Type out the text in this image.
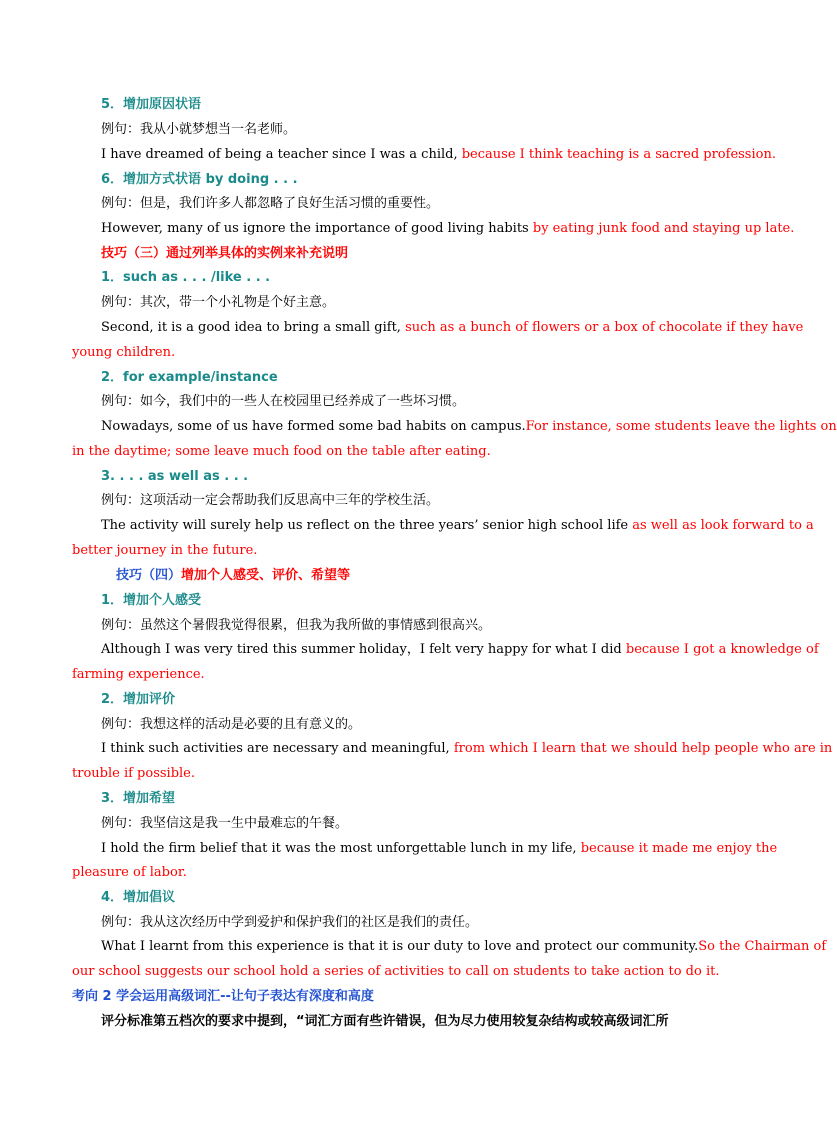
5．增加原因状语
例句：我从小就梦想当一名老师。
I have dreamed of being a teacher since I was a child, because I think teaching is a sacred profession.
6．增加方式状语 by doing . . .
例句：但是，我们许多人都忽略了良好生活习惯的重要性。
However, many of us ignore the importance of good living habits by eating junk food and staying up late.
技巧（三）通过列举具体的实例来补充说明
1．such as . . . /like . . .
例句：其次，带一个小礼物是个好主意。
Second, it is a good idea to bring a small gift, such as a bunch of flowers or a box of chocolate if they have
young children.
2．for example/instance
例句：如今，我们中的一些人在校园里已经养成了一些坏习惯。
Nowadays, some of us have formed some bad habits on campus.For instance, some students leave the lights on
in the daytime; some leave much food on the table after eating.
3. . . . as well as . . .
例句：这项活动一定会帮助我们反思高中三年的学校生活。
The activity will surely help us reflect on the three years’ senior high school life as well as look forward to a
better journey in the future.
技巧（四）增加个人感受、评价、希望等
1．增加个人感受
例句：虽然这个暑假我觉得很累，但我为我所做的事情感到很高兴。
Although I was very tired this summer holiday，I felt very happy for what I did because I got a knowledge of
farming experience.
2．增加评价
例句：我想这样的活动是必要的且有意义的。
I think such activities are necessary and meaningful, from which I learn that we should help people who are in
trouble if possible.
3．增加希望
例句：我坚信这是我一生中最难忘的午餐。
I hold the firm belief that it was the most unforgettable lunch in my life, because it made me enjoy the
pleasure of labor.
4．增加倡议
例句：我从这次经历中学到爱护和保护我们的社区是我们的责任。
What I learnt from this experience is that it is our duty to love and protect our community.So the Chairman of
our school suggests our school hold a series of activities to call on students to take action to do it.
考向 2 学会运用高级词汇--让句子表达有深度和高度
评分标准第五档次的要求中提到，“词汇方面有些许错误，但为尽力使用较复杂结构或较高级词汇所
